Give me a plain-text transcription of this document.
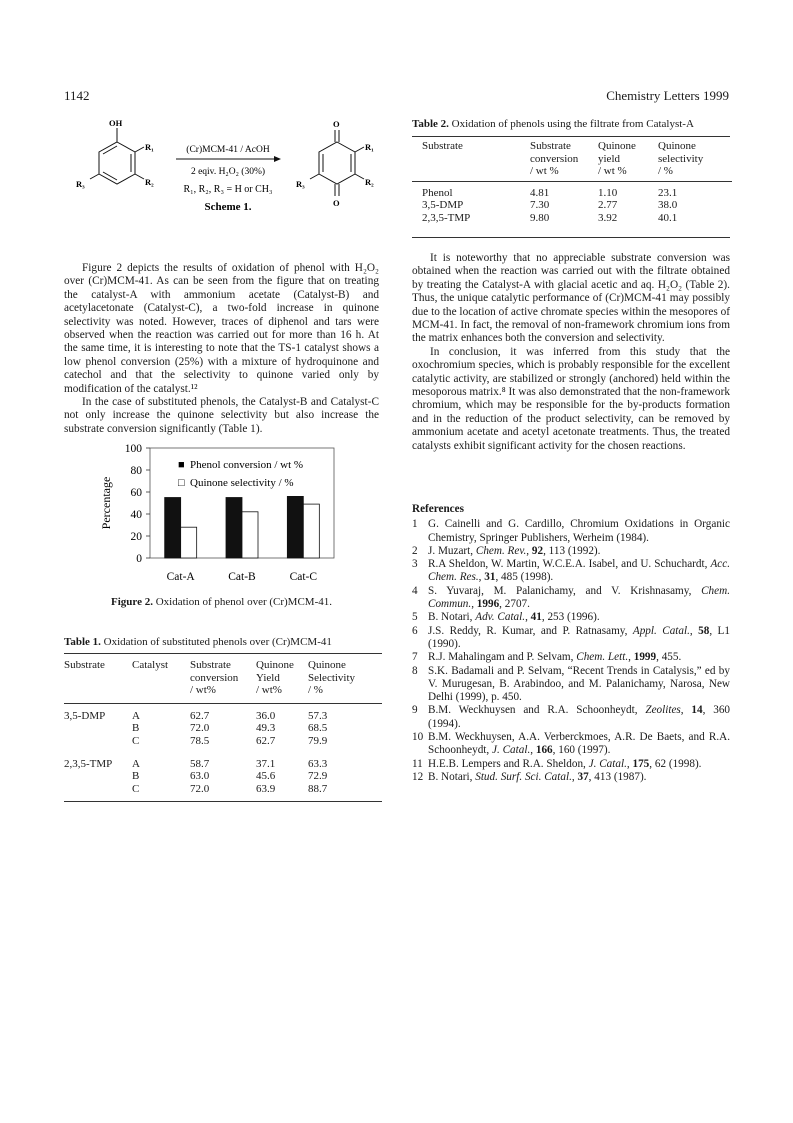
1142	Chemistry Letters 1999
OH
R₁
R₂
R₃
(Cr)MCM-41 / AcOH
2 eqiv. H₂O₂ (30%)
R₁, R₂, R₃ = H or CH₃
Scheme 1.
O
O
R₁
R₂
R₃

Figure 2 depicts the results of oxidation of phenol with H₂O₂ over (Cr)MCM-41. As can be seen from the figure that on treating the catalyst-A with ammonium acetate (Catalyst-B) and acetylacetonate (Catalyst-C), a two-fold increase in quinone selectivity was noted. However, traces of diphenol and tars were observed when the reaction was carried out for more than 16 h. At the same time, it is interesting to note that the TS-1 catalyst shows a low phenol conversion (25%) with a mixture of hydroquinone and catechol and that the selectivity to quinone varied only by modification of the catalyst.¹²

In the case of substituted phenols, the Catalyst-B and Catalyst-C not only increase the quinone selectivity but also increase the substrate conversion significantly (Table 1).

0
20
40
60
80
100
Percentage
Cat-A	Cat-B	Cat-C
■ Phenol conversion / wt %
□ Quinone selectivity / %
Figure 2. Oxidation of phenol over (Cr)MCM-41.
Table 1. Oxidation of substituted phenols over (Cr)MCM-41
Substrate	Catalyst	Substrate	Quinone	Quinone
		conversion	Yield	Selectivity
		/ wt%	/ wt%	/ %
3,5-DMP	A	62.7	36.0	57.3
	B	72.0	49.3	68.5
	C	78.5	62.7	79.9
2,3,5-TMP	A	58.7	37.1	63.3
	B	63.0	45.6	72.9
	C	72.0	63.9	88.7
Table 2. Oxidation of phenols using the filtrate from Catalyst-A
Substrate	Substrate	Quinone	Quinone
	conversion	yield	selectivity
	/ wt %	/ wt %	/ %
Phenol	4.81	1.10	23.1
3,5-DMP	7.30	2.77	38.0
2,3,5-TMP	9.80	3.92	40.1

It is noteworthy that no appreciable substrate conversion was obtained when the reaction was carried out with the filtrate obtained by treating the Catalyst-A with glacial acetic and aq. H₂O₂ (Table 2). Thus, the unique catalytic performance of (Cr)MCM-41 may possibly due to the location of active chromate species within the mesopores of MCM-41. In fact, the removal of non-framework chromium ions from the matrix enhances both the conversion and selectivity.

In conclusion, it was inferred from this study that the oxochromium species, which is probably responsible for the excellent catalytic activity, are stabilized or strongly (anchored) held within the mesoporous matrix.⁸ It was also demonstrated that the non-framework chromium, which may be responsible for the by-products formation and in the reduction of the product selectivity, can be removed by ammonium acetate and acetyl acetonate treatments. Thus, the treated catalysts exhibit significant activity for the chosen reactions.

References
1 G. Cainelli and G. Cardillo, Chromium Oxidations in Organic Chemistry, Springer Publishers, Werheim (1984).
2 J. Muzart, Chem. Rev., 92, 113 (1992).
3 R.A Sheldon, W. Martin, W.C.E.A. Isabel, and U. Schuchardt, Acc. Chem. Res., 31, 485 (1998).
4 S. Yuvaraj, M. Palanichamy, and V. Krishnasamy, Chem. Commun., 1996, 2707.
5 B. Notari, Adv. Catal., 41, 253 (1996).
6 J.S. Reddy, R. Kumar, and P. Ratnasamy, Appl. Catal., 58, L1 (1990).
7 R.J. Mahalingam and P. Selvam, Chem. Lett., 1999, 455.
8 S.K. Badamali and P. Selvam, “Recent Trends in Catalysis,” ed by V. Murugesan, B. Arabindoo, and M. Palanichamy, Narosa, New Delhi (1999), p. 450.
9 B.M. Weckhuysen and R.A. Schoonheydt, Zeolites, 14, 360 (1994).
10 B.M. Weckhuysen, A.A. Verberckmoes, A.R. De Baets, and R.A. Schoonheydt, J. Catal., 166, 160 (1997).
11 H.E.B. Lempers and R.A. Sheldon, J. Catal., 175, 62 (1998).
12 B. Notari, Stud. Surf. Sci. Catal., 37, 413 (1987).
